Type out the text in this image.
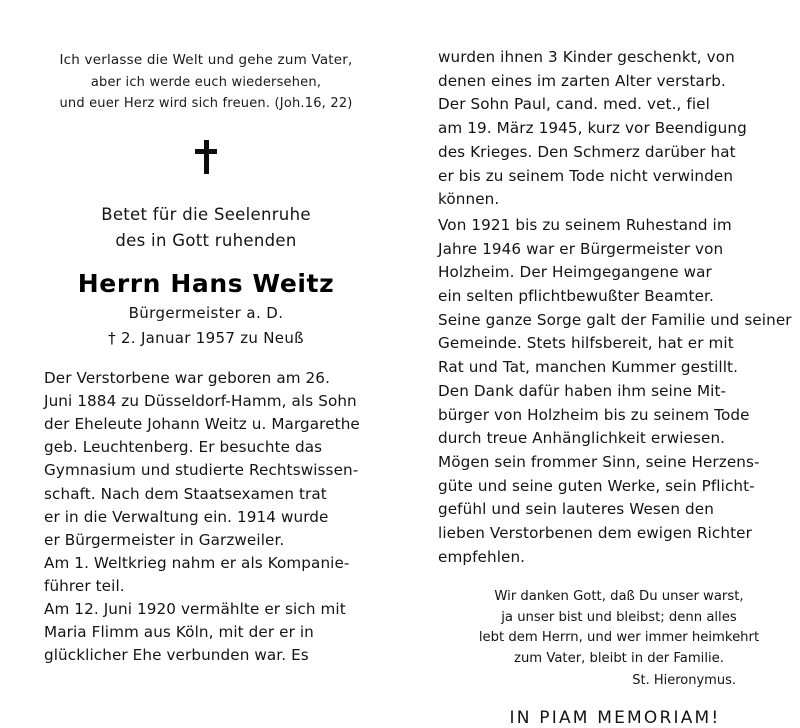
Ich verlasse die Welt und gehe zum Vater,
aber ich werde euch wiedersehen,
und euer Herz wird sich freuen. (Joh.16, 22)
Betet für die Seelenruhe
des in Gott ruhenden
Herrn Hans Weitz
Bürgermeister a. D.
† 2. Januar 1957 zu Neuß
Der Verstorbene war geboren am 26.
Juni 1884 zu Düsseldorf-Hamm, als Sohn
der Eheleute Johann Weitz u. Margarethe
geb. Leuchtenberg. Er besuchte das
Gymnasium und studierte Rechtswissen-
schaft. Nach dem Staatsexamen trat
er in die Verwaltung ein. 1914 wurde
er Bürgermeister in Garzweiler.
Am 1. Weltkrieg nahm er als Kompanie-
führer teil.
Am 12. Juni 1920 vermählte er sich mit
Maria Flimm aus Köln, mit der er in
glücklicher Ehe verbunden war. Es
wurden ihnen 3 Kinder geschenkt, von
denen eines im zarten Alter verstarb.
Der Sohn Paul, cand. med. vet., fiel
am 19. März 1945, kurz vor Beendigung
des Krieges. Den Schmerz darüber hat
er bis zu seinem Tode nicht verwinden
können.
Von 1921 bis zu seinem Ruhestand im
Jahre 1946 war er Bürgermeister von
Holzheim. Der Heimgegangene war
ein selten pflichtbewußter Beamter.
Seine ganze Sorge galt der Familie und seiner
Gemeinde. Stets hilfsbereit, hat er mit
Rat und Tat, manchen Kummer gestillt.
Den Dank dafür haben ihm seine Mit-
bürger von Holzheim bis zu seinem Tode
durch treue Anhänglichkeit erwiesen.
Mögen sein frommer Sinn, seine Herzens-
güte und seine guten Werke, sein Pflicht-
gefühl und sein lauteres Wesen den
lieben Verstorbenen dem ewigen Richter
empfehlen.
Wir danken Gott, daß Du unser warst,
ja unser bist und bleibst; denn alles
lebt dem Herrn, und wer immer heimkehrt
zum Vater, bleibt in der Familie.
St. Hieronymus.
IN PIAM MEMORIAM!
